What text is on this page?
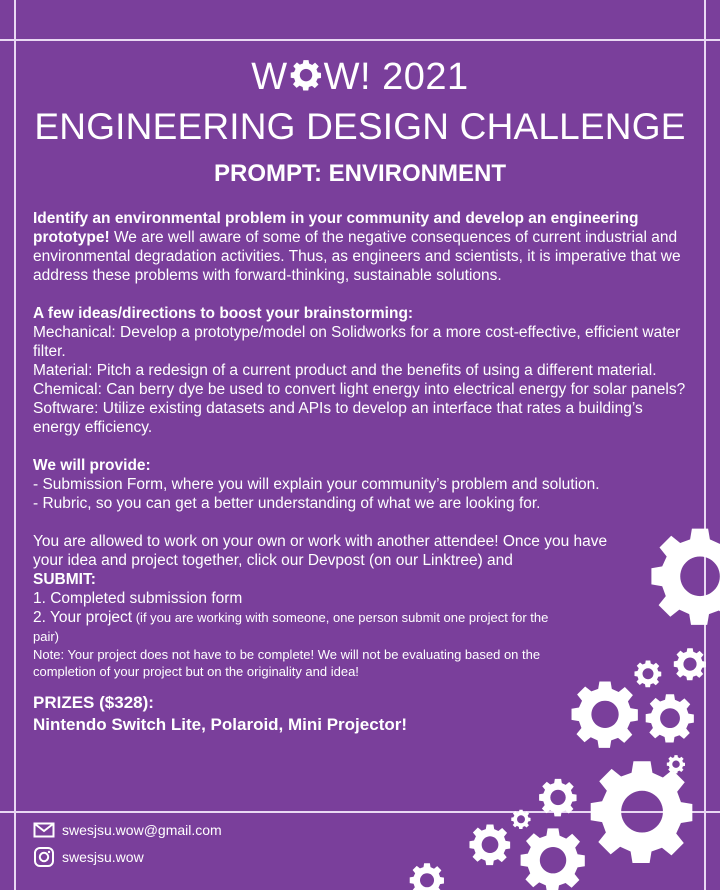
W W! 2021
ENGINEERING DESIGN CHALLENGE
PROMPT: ENVIRONMENT

Identify an environmental problem in your community and develop an engineering prototype! We are well aware of some of the negative consequences of current industrial and environmental degradation activities. Thus, as engineers and scientists, it is imperative that we address these problems with forward-thinking, sustainable solutions.

A few ideas/directions to boost your brainstorming:

Mechanical: Develop a prototype/model on Solidworks for a more cost-effective, efficient water filter.

Material: Pitch a redesign of a current product and the benefits of using a different material.

Chemical: Can berry dye be used to convert light energy into electrical energy for solar panels?

Software: Utilize existing datasets and APIs to develop an interface that rates a building’s energy efficiency.

We will provide:

- Submission Form, where you will explain your community’s problem and solution.

- Rubric, so you can get a better understanding of what we are looking for.

You are allowed to work on your own or work with another attendee! Once you have your idea and project together, click our Devpost (on our Linktree) and

SUBMIT:

1. Completed submission form

2. Your project (if you are working with someone, one person submit one project for the pair)

Note: Your project does not have to be complete! We will not be evaluating based on the completion of your project but on the originality and idea!

PRIZES ($328):
Nintendo Switch Lite, Polaroid, Mini Projector!
swesjsu.wow@gmail.com
swesjsu.wow
